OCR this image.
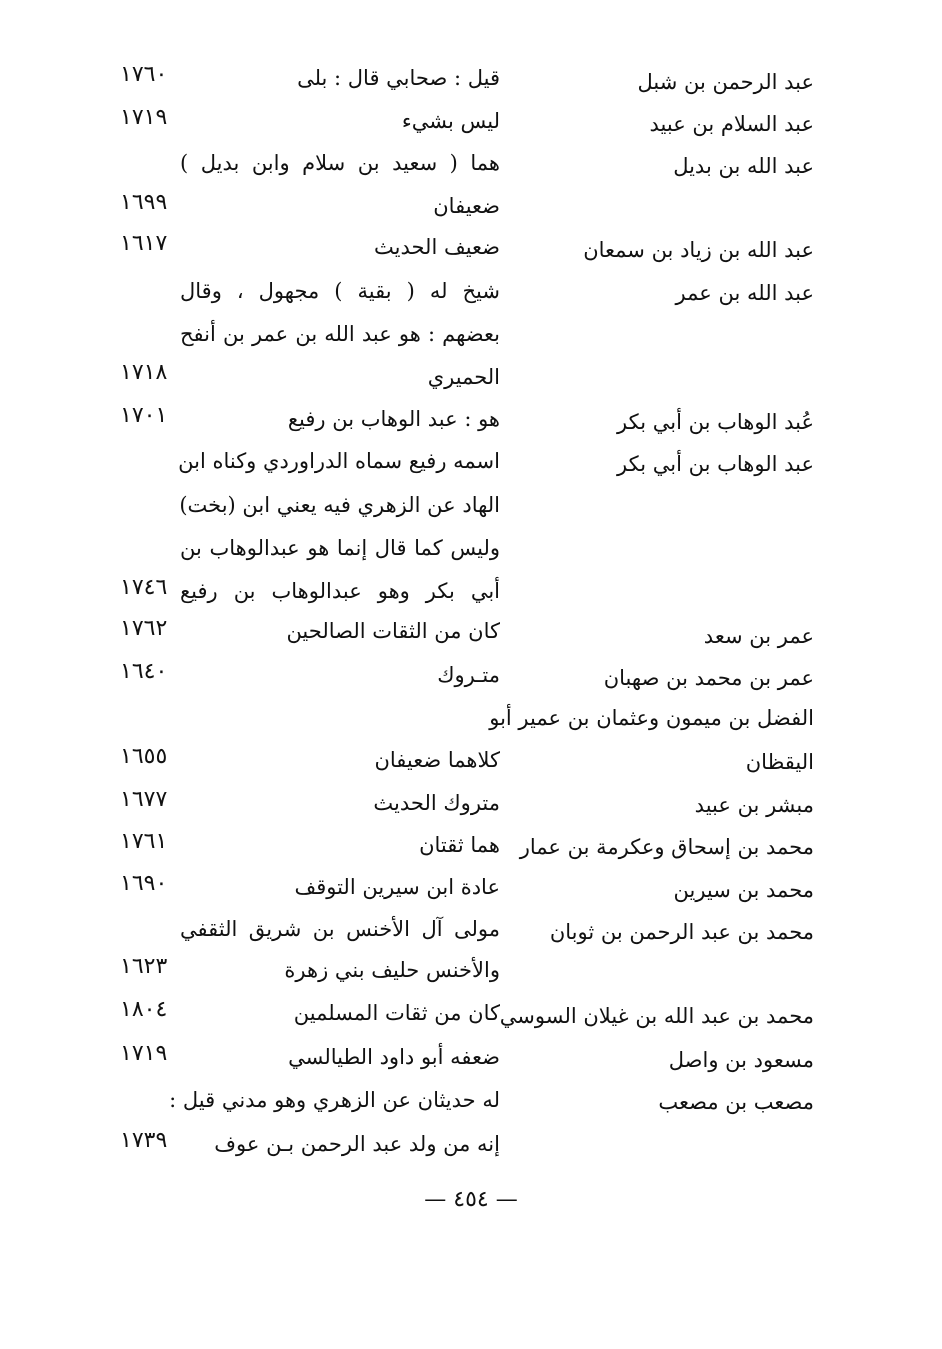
عبد الرحمن بن شبل
قيل : صحابي قال : بلى
١٧٦٠
عبد السلام بن عبيد
ليس بشيء
١٧١٩
عبد الله بن بديل
هما ( سعيد بن سلام وابن بديل )
ضعيفان
١٦٩٩
عبد الله بن زياد بن سمعان
ضعيف الحديث
١٦١٧
عبد الله بن عمر
شيخ له ( بقية ) مجهول ، وقال
بعضهم : هو عبد الله بن عمر بن أنفح
الحميري
١٧١٨
عُبد الوهاب بن أبي بكر
هو : عبد الوهاب بن رفيع
١٧٠١
عبد الوهاب بن أبي بكر
اسمه رفيع سماه الدراوردي وكناه ابن
الهاد عن الزهري فيه يعني ابن (بخت)
وليس كما قال إنما هو عبدالوهاب بن
أبي بكر وهو عبدالوهاب بن رفيع
١٧٤٦
عمر بن سعد
كان من الثقات الصالحين
١٧٦٢
عمر بن محمد بن صهبان
متـروك
١٦٤٠
الفضل بن ميمون وعثمان بن عمير أبو
اليقظان
كلاهما ضعيفان
١٦٥٥
مبشر بن عبيد
متروك الحديث
١٦٧٧
محمد بن إسحاق وعكرمة بن عمار
هما ثقتان
١٧٦١
محمد بن سيرين
عادة ابن سيرين التوقف
١٦٩٠
محمد بن عبد الرحمن بن ثوبان
مولى آل الأخنس بن شريق الثقفي
والأخنس حليف بني زهرة
١٦٢٣
محمد بن عبد الله بن غيلان السوسي
كان من ثقات المسلمين
١٨٠٤
مسعود بن واصل
ضعفه أبو داود الطيالسي
١٧١٩
مصعب بن مصعب
له حديثان عن الزهري وهو مدني قيل :
إنه من ولد عبد الرحمن بـن عوف
١٧٣٩
— ٤٥٤ —
